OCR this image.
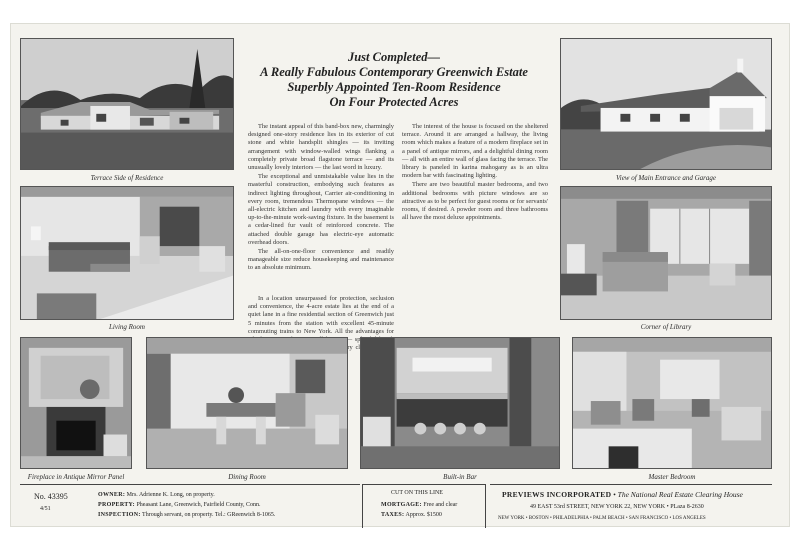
Terrace Side of Residence
Living Room
Just Completed—
A Really Fabulous Contemporary Greenwich Estate
Superbly Appointed Ten-Room Residence
On Four Protected Acres

The instant appeal of this band-box new, charmingly designed one-story residence lies in its exterior of cut stone and white handsplit shingles — its inviting arrangement with window-walled wings flanking a completely private broad flagstone terrace — and its unusually lovely interiors — the last word in luxury.

The exceptional and unmistakable value lies in the masterful construction, embodying such features as indirect lighting throughout, Carrier air-conditioning in every room, tremendous Thermopane windows — the all-electric kitchen and laundry with every imaginable up-to-the-minute work-saving fixture. In the basement is a cedar-lined fur vault of reinforced concrete. The attached double garage has electric-eye automatic overhead doors.

The all-on-one-floor convenience and readily manageable size reduce housekeeping and maintenance to an absolute minimum.

In a location unsurpassed for protection, seclusion and convenience, the 4-acre estate lies at the end of a quiet lane in a fine residential section of Greenwich just 5 minutes from the station with excellent 45-minute commuting trains to New York. All the advantages for —

The interest of the house is focused on the sheltered terrace. Around it are arranged a hallway, the living room which makes a feature of a modern fireplace set in a panel of antique mirrors, and a delightful dining room — all with an entire wall of glass facing the terrace. The library is paneled in karina mahogany as is an ultra modern bar with fascinating lighting.

There are two beautiful master bedrooms, and two additional bedrooms with picture windows are so attractive as to be perfect for guest rooms or for servants' rooms, if desired. A powder room and three bathrooms all have the most deluxe appointments.

View of Main Entrance and Garage
Corner of Library
Fireplace in Antique Mirror Panel	Dining Room	Built-in Bar	Master Bedroom
No. 43395
4/51
OWNER: Mrs. Adrienne K. Long, on property.
PROPERTY: Pheasant Lane, Greenwich, Fairfield County, Conn.
INSPECTION: Through servant, on property. Tel.: GReenwich 8-1065.
CUT ON THIS LINE
MORTGAGE: Free and clear
TAXES: Approx. $1500
PREVIEWS INCORPORATED • The National Real Estate Clearing House
49 EAST 53rd STREET, NEW YORK 22, NEW YORK • PLaza 8-2630
NEW YORK • BOSTON • PHILADELPHIA • PALM BEACH • SAN FRANCISCO • LOS ANGELES
